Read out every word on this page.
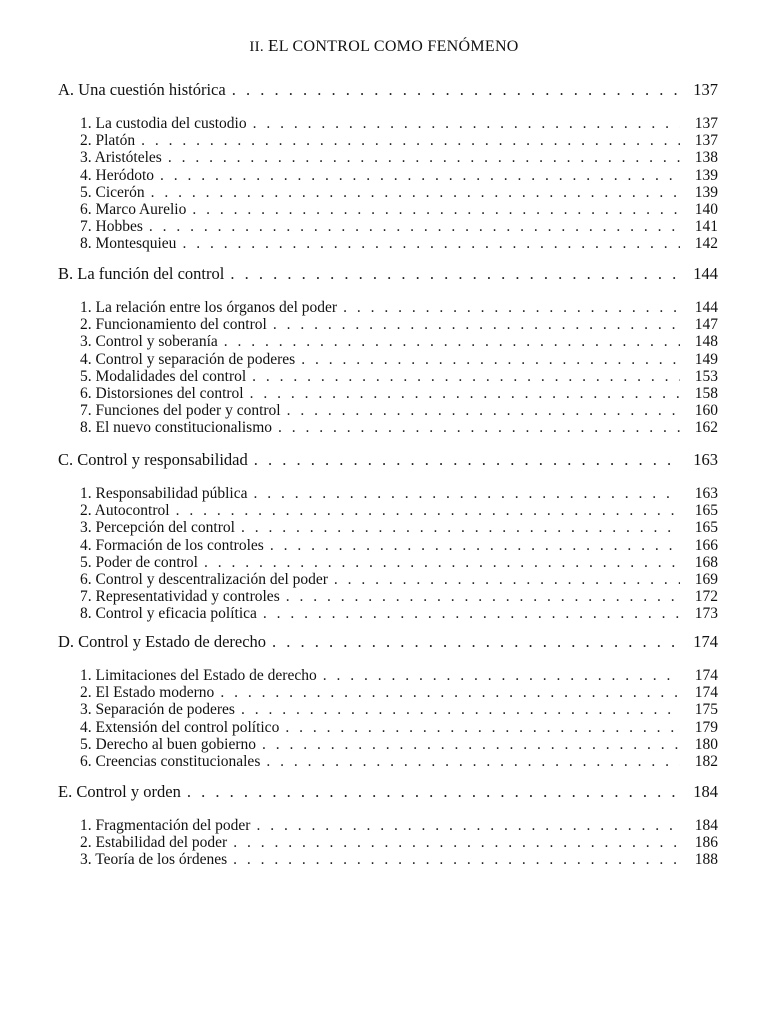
II. EL CONTROL COMO FENÓMENO
A. Una cuestión histórica . . .	137
1. La custodia del custodio . . .	137
2. Platón . . .	137
3. Aristóteles . . .	138
4. Heródoto . . .	139
5. Cicerón . . .	139
6. Marco Aurelio . . .	140
7. Hobbes . . .	141
8. Montesquieu . . .	142
B. La función del control . . .	144
1. La relación entre los órganos del poder . . .	144
2. Funcionamiento del control . . .	147
3. Control y soberanía . . .	148
4. Control y separación de poderes . . .	149
5. Modalidades del control . . .	153
6. Distorsiones del control . . .	158
7. Funciones del poder y control . . .	160
8. El nuevo constitucionalismo . . .	162
C. Control y responsabilidad . . .	163
1. Responsabilidad pública . . .	163
2. Autocontrol . . .	165
3. Percepción del control . . .	165
4. Formación de los controles . . .	166
5. Poder de control . . .	168
6. Control y descentralización del poder . . .	169
7. Representatividad y controles . . .	172
8. Control y eficacia política . . .	173
D. Control y Estado de derecho . . .	174
1. Limitaciones del Estado de derecho . . .	174
2. El Estado moderno . . .	174
3. Separación de poderes . . .	175
4. Extensión del control político . . .	179
5. Derecho al buen gobierno . . .	180
6. Creencias constitucionales . . .	182
E. Control y orden . . .	184
1. Fragmentación del poder . . .	184
2. Estabilidad del poder . . .	186
3. Teoría de los órdenes . . .	188
